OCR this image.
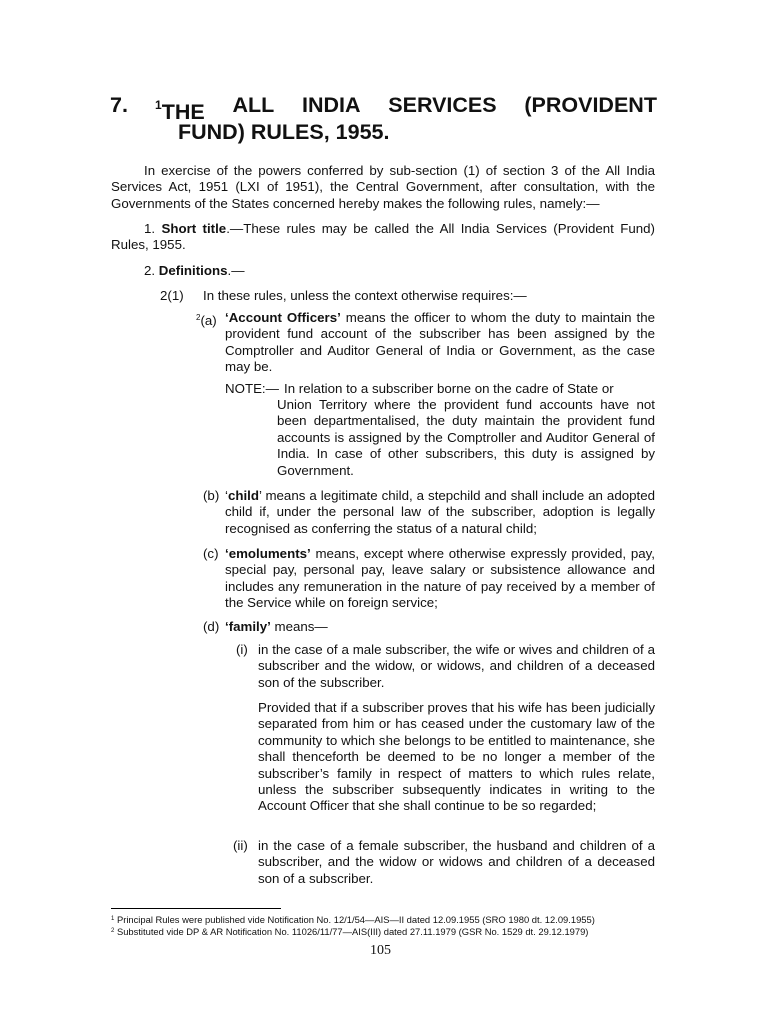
7. $^1$THE ALL INDIA SERVICES (PROVIDENT
FUND) RULES, 1955.

In exercise of the powers conferred by sub-section (1) of section 3 of the All India Services Act, 1951 (LXI of 1951), the Central Government, after consultation, with the Governments of the States concerned hereby makes the following rules, namely:—

1. Short title.—These rules may be called the All India Services (Provident Fund) Rules, 1955.

2. Definitions.—

2(1) In these rules, unless the context otherwise requires:—
$^2$(a) ‘Account Officers’ means the officer to whom the duty to maintain the provident fund account of the subscriber has been assigned by the Comptroller and Auditor General of India or Government, as the case may be.

NOTE:— In relation to a subscriber borne on the cadre of State or

Union Territory where the provident fund accounts have not been departmentalised, the duty maintain the provident fund accounts is assigned by the Comptroller and Auditor General of India. In case of other subscribers, this duty is assigned by Government.

(b) ‘child’ means a legitimate child, a stepchild and shall include an adopted child if, under the personal law of the subscriber, adoption is legally recognised as conferring the status of a natural child;

(c) ‘emoluments’ means, except where otherwise expressly provided, pay, special pay, personal pay, leave salary or subsistence allowance and includes any remuneration in the nature of pay received by a member of the Service while on foreign service;

(d) ‘family’ means—

(i) in the case of a male subscriber, the wife or wives and children of a subscriber and the widow, or widows, and children of a deceased son of the subscriber.

Provided that if a subscriber proves that his wife has been judicially separated from him or has ceased under the customary law of the community to which she belongs to be entitled to maintenance, she shall thenceforth be deemed to be no longer a member of the subscriber’s family in respect of matters to which rules relate, unless the subscriber subsequently indicates in writing to the Account Officer that she shall continue to be so regarded;

(ii) in the case of a female subscriber, the husband and children of a subscriber, and the widow or widows and children of a deceased son of a subscriber.

$^1$ Principal Rules were published vide Notification No. 12/1/54—AIS—II dated 12.09.1955 (SRO 1980 dt. 12.09.1955)
$^2$ Substituted vide DP & AR Notification No. 11026/11/77—AIS(III) dated 27.11.1979 (GSR No. 1529 dt. 29.12.1979)
105
